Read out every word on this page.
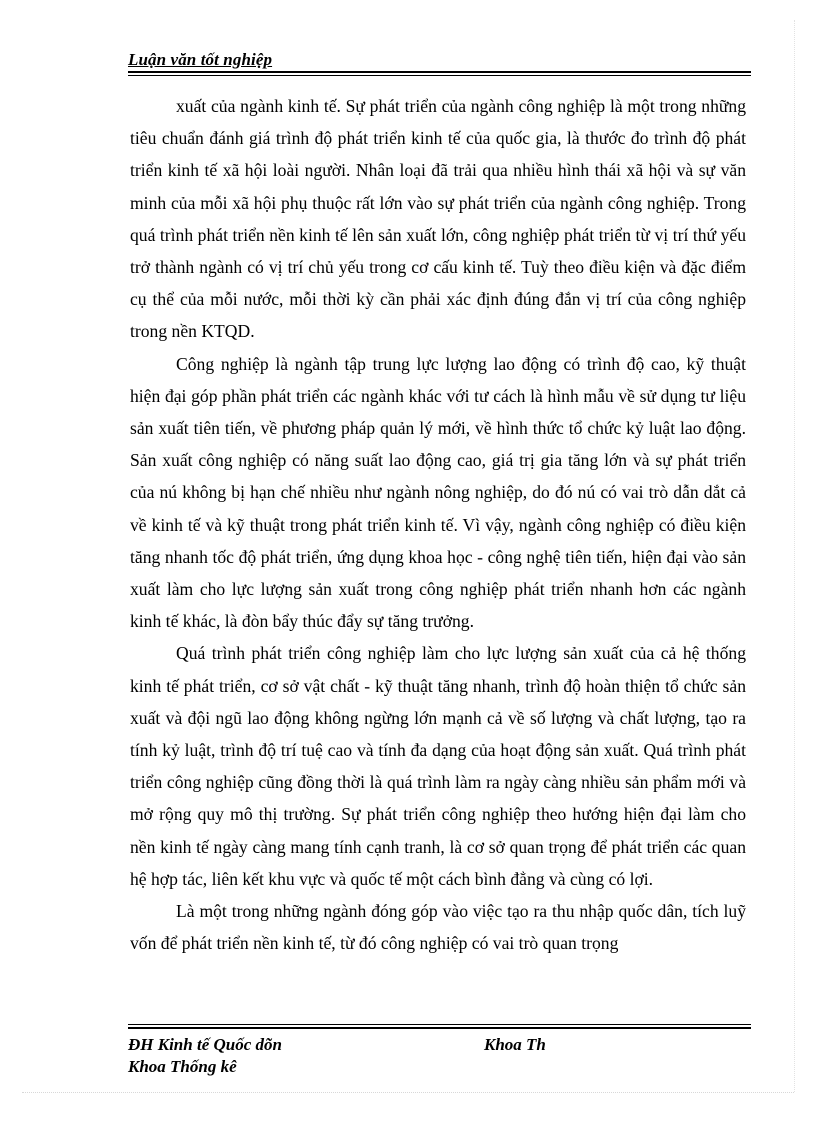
Luận văn tốt nghiệp

xuất của ngành kinh tế. Sự phát triển của ngành công nghiệp là một trong những tiêu chuẩn đánh giá trình độ phát triển kinh tế của quốc gia, là thước đo trình độ phát triển kinh tế xã hội loài người. Nhân loại đã trải qua nhiều hình thái xã hội và sự văn minh của mỗi xã hội phụ thuộc rất lớn vào sự phát triển của ngành công nghiệp. Trong quá trình phát triển nền kinh tế lên sản xuất lớn, công nghiệp phát triển từ vị trí thứ yếu trở thành ngành có vị trí chủ yếu trong cơ cấu kinh tế. Tuỳ theo điều kiện và đặc điểm cụ thể của mỗi nước, mỗi thời kỳ cần phải xác định đúng đắn vị trí của công nghiệp trong nền KTQD.

Công nghiệp là ngành tập trung lực lượng lao động có trình độ cao, kỹ thuật hiện đại góp phần phát triển các ngành khác với tư cách là hình mẫu về sử dụng tư liệu sản xuất tiên tiến, về phương pháp quản lý mới, về hình thức tổ chức kỷ luật lao động. Sản xuất công nghiệp có năng suất lao động cao, giá trị gia tăng lớn và sự phát triển của nú không bị hạn chế nhiều như ngành nông nghiệp, do đó nú có vai trò dẫn dắt cả về kinh tế và kỹ thuật trong phát triển kinh tế. Vì vậy, ngành công nghiệp có điều kiện tăng nhanh tốc độ phát triển, ứng dụng khoa học - công nghệ tiên tiến, hiện đại vào sản xuất làm cho lực lượng sản xuất trong công nghiệp phát triển nhanh hơn các ngành kinh tế khác, là đòn bẩy thúc đẩy sự tăng trưởng.

Quá trình phát triển công nghiệp làm cho lực lượng sản xuất của cả hệ thống kinh tế phát triển, cơ sở vật chất - kỹ thuật tăng nhanh, trình độ hoàn thiện tổ chức sản xuất và đội ngũ lao động không ngừng lớn mạnh cả về số lượng và chất lượng, tạo ra tính kỷ luật, trình độ trí tuệ cao và tính đa dạng của hoạt động sản xuất. Quá trình phát triển công nghiệp cũng đồng thời là quá trình làm ra ngày càng nhiều sản phẩm mới và mở rộng quy mô thị trường. Sự phát triển công nghiệp theo hướng hiện đại làm cho nền kinh tế ngày càng mang tính cạnh tranh, là cơ sở quan trọng để phát triển các quan hệ hợp tác, liên kết khu vực và quốc tế một cách bình đẳng và cùng có lợi.

Là một trong những ngành đóng góp vào việc tạo ra thu nhập quốc dân, tích luỹ vốn để phát triển nền kinh tế, từ đó công nghiệp có vai trò quan trọng

ĐH Kinh tế Quốc dõn
Khoa Thống kê
Khoa Th
